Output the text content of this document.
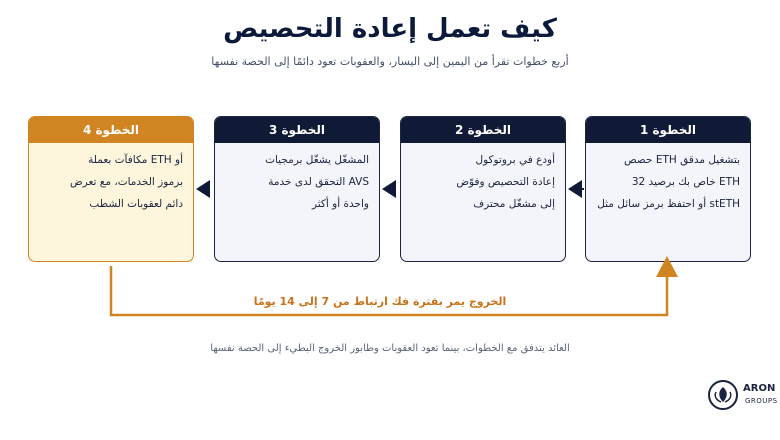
كيف تعمل إعادة التحصيص
أربع خطوات تقرأ من اليمين إلى اليسار، والعقوبات تعود دائمًا إلى الحصة نفسها
الخطوة 1
بتشغيل مدقق ETH حصص
ETH خاص بك برصيد 32
stETH أو احتفظ برمز سائل مثل
الخطوة 2
أودع في بروتوكول
إعادة التحصيص وفوّض
إلى مشغّل محترف
الخطوة 3
المشغّل يشغّل برمجيات
AVS التحقق لدى خدمة
واحدة أو أكثر
الخطوة 4
أو ETH مكافآت بعملة
برموز الخدمات، مع تعرض
دائم لعقوبات الشطب
الخروج يمر بفترة فك ارتباط من 7 إلى 14 يومًا
العائد يتدفق مع الخطوات، بينما تعود العقوبات وطابور الخروج البطيء إلى الحصة نفسها
ARON
GROUPS
